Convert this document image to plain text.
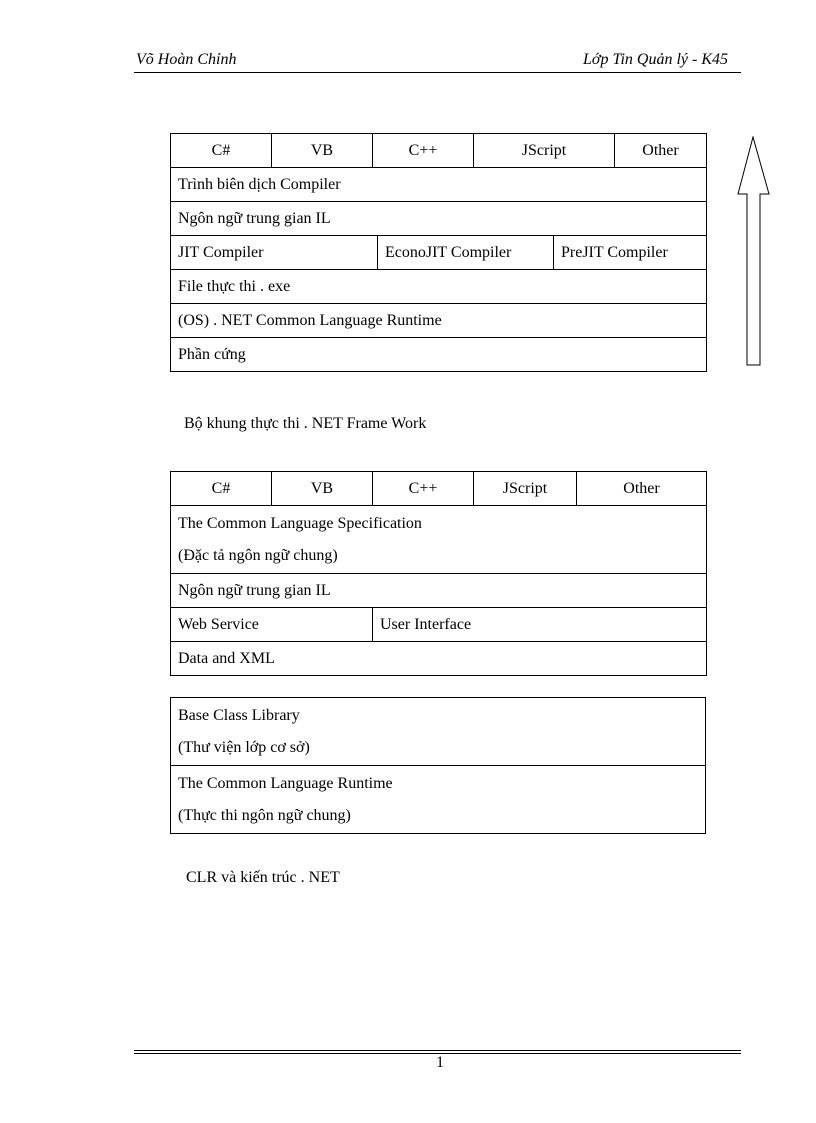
Võ Hoàn Chỉnh	Lớp Tin Quản lý - K45
C#	VB	C++		JScript		Other
Trình biên dịch Compiler						
Ngôn ngữ trung gian IL						
JIT Compiler			EconoJIT Compiler		PreJIT Compiler	
File thực thi . exe						
(OS) . NET Common Language Runtime						
Phần cứng						
Bộ khung thực thi . NET Frame Work
C#	VB	C++	JScript	Other

The Common Language Specification
(Đặc tả ngôn ngữ chung)				

Ngôn ngữ trung gian IL				
Web Service		User Interface		
Data and XML				
Base Class Library
(Thư viện lớp cơ sở)

The Common Language Runtime
(Thực thi ngôn ngữ chung)
CLR và kiến trúc . NET
1
